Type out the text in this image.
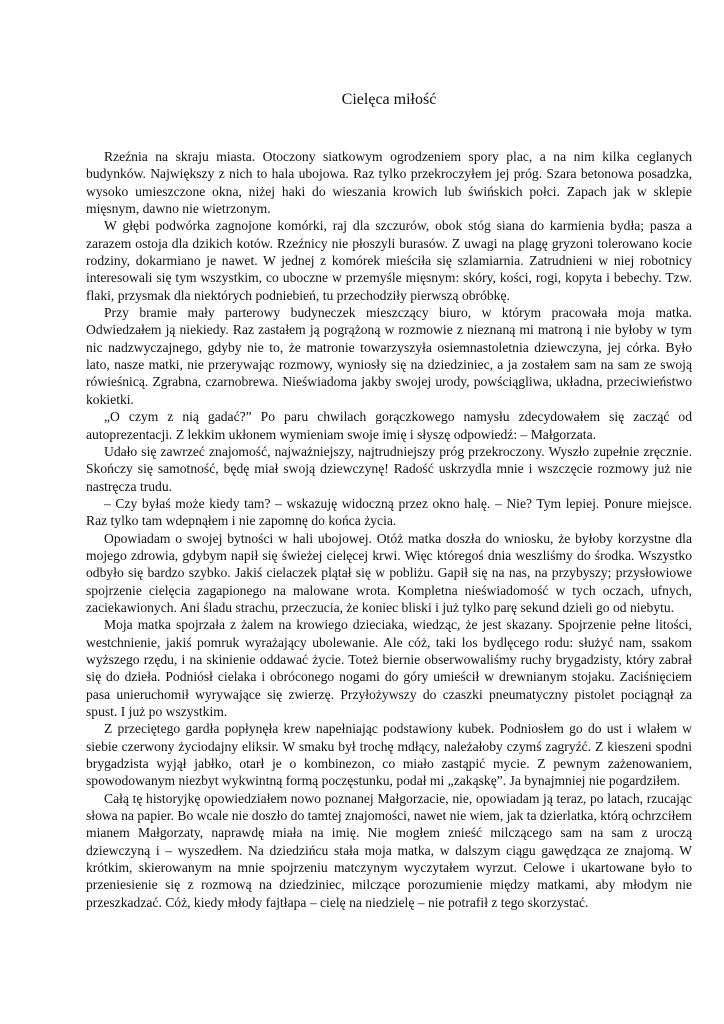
Cielęca miłość

Rzeźnia na skraju miasta. Otoczony siatkowym ogrodzeniem spory plac, a na nim kilka ceglanych budynków. Największy z nich to hala ubojowa. Raz tylko przekroczyłem jej próg. Szara betonowa posadzka, wysoko umieszczone okna, niżej haki do wieszania krowich lub świńskich połci. Zapach jak w sklepie mięsnym, dawno nie wietrzonym.

W głębi podwórka zagnojone komórki, raj dla szczurów, obok stóg siana do karmienia bydła; pasza a zarazem ostoja dla dzikich kotów. Rzeźnicy nie płoszyli burasów. Z uwagi na plagę gryzoni tolerowano kocie rodziny, dokarmiano je nawet. W jednej z komórek mieściła się szlamiarnia. Zatrudnieni w niej robotnicy interesowali się tym wszystkim, co uboczne w przemyśle mięsnym: skóry, kości, rogi, kopyta i bebechy. Tzw. flaki, przysmak dla niektórych podniebień, tu przechodziły pierwszą obróbkę.

Przy bramie mały parterowy budyneczek mieszczący biuro, w którym pracowała moja matka. Odwiedzałem ją niekiedy. Raz zastałem ją pogrążoną w rozmowie z nieznaną mi matroną i nie byłoby w tym nic nadzwyczajnego, gdyby nie to, że matronie towarzyszyła osiemnastoletnia dziewczyna, jej córka. Było lato, nasze matki, nie przerywając rozmowy, wyniosły się na dziedziniec, a ja zostałem sam na sam ze swoją rówieśnicą. Zgrabna, czarnobrewa. Nieświadoma jakby swojej urody, powściągliwa, układna, przeciwieństwo kokietki.

„O czym z nią gadać?” Po paru chwilach gorączkowego namysłu zdecydowałem się zacząć od autoprezentacji. Z lekkim ukłonem wymieniam swoje imię i słyszę odpowiedź: – Małgorzata.

Udało się zawrzeć znajomość, najważniejszy, najtrudniejszy próg przekroczony. Wyszło zupełnie zręcznie. Skończy się samotność, będę miał swoją dziewczynę! Radość uskrzydla mnie i wszczęcie rozmowy już nie nastręcza trudu.

– Czy byłaś może kiedy tam? – wskazuję widoczną przez okno halę. – Nie? Tym lepiej. Ponure miejsce. Raz tylko tam wdepnąłem i nie zapomnę do końca życia.

Opowiadam o swojej bytności w hali ubojowej. Otóż matka doszła do wniosku, że byłoby korzystne dla mojego zdrowia, gdybym napił się świeżej cielęcej krwi. Więc któregoś dnia weszliśmy do środka. Wszystko odbyło się bardzo szybko. Jakiś cielaczek plątał się w pobliżu. Gapił się na nas, na przybyszy; przysłowiowe spojrzenie cielęcia zagapionego na malowane wrota. Kompletna nieświadomość w tych oczach, ufnych, zaciekawionych. Ani śladu strachu, przeczucia, że koniec bliski i już tylko parę sekund dzieli go od niebytu.

Moja matka spojrzała z żalem na krowiego dzieciaka, wiedząc, że jest skazany. Spojrzenie pełne litości, westchnienie, jakiś pomruk wyrażający ubolewanie. Ale cóż, taki los bydlęcego rodu: służyć nam, ssakom wyższego rzędu, i na skinienie oddawać życie. Toteż biernie obserwowaliśmy ruchy brygadzisty, który zabrał się do dzieła. Podniósł cielaka i obróconego nogami do góry umieścił w drewnianym stojaku. Zaciśnięciem pasa unieruchomił wyrywające się zwierzę. Przyłożywszy do czaszki pneumatyczny pistolet pociągnął za spust. I już po wszystkim.

Z przeciętego gardła popłynęła krew napełniając podstawiony kubek. Podniosłem go do ust i wlałem w siebie czerwony życiodajny eliksir. W smaku był trochę mdłący, należałoby czymś zagryźć. Z kieszeni spodni brygadzista wyjął jabłko, otarł je o kombinezon, co miało zastąpić mycie. Z pewnym zażenowaniem, spowodowanym niezbyt wykwintną formą poczęstunku, podał mi „zakąskę”. Ja bynajmniej nie pogardziłem.

Całą tę historyjkę opowiedziałem nowo poznanej Małgorzacie, nie, opowiadam ją teraz, po latach, rzucając słowa na papier. Bo wcale nie doszło do tamtej znajomości, nawet nie wiem, jak ta dzierlatka, którą ochrzciłem mianem Małgorzaty, naprawdę miała na imię. Nie mogłem znieść milczącego sam na sam z uroczą dziewczyną i – wyszedłem. Na dziedzińcu stała moja matka, w dalszym ciągu gawędząca ze znajomą. W krótkim, skierowanym na mnie spojrzeniu matczynym wyczytałem wyrzut. Celowe i ukartowane było to przeniesienie się z rozmową na dziedziniec, milczące porozumienie między matkami, aby młodym nie przeszkadzać. Cóż, kiedy młody fajtłapa – cielę na niedzielę – nie potrafił z tego skorzystać.
